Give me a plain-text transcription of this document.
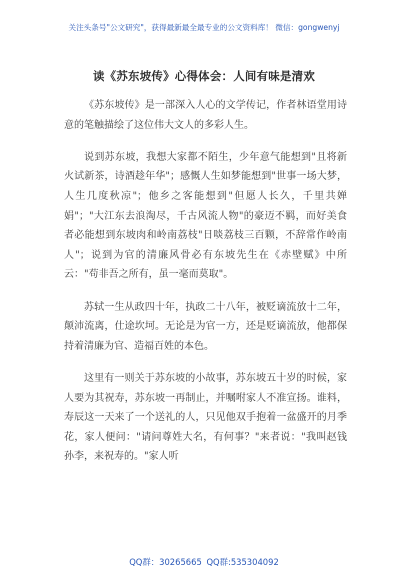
关注头条号"公文研究"，获得最新最全最专业的公文资料库！ 微信：gongwenyj
读《苏东坡传》心得体会：人间有味是清欢

《苏东坡传》是一部深入人心的文学传记，作者林语堂用诗意的笔触描绘了这位伟大文人的多彩人生。

说到苏东坡，我想大家都不陌生，少年意气能想到"且将新火试新茶，诗酒趁年华"；感慨人生如梦能想到"世事一场大梦，人生几度秋凉"；他乡之客能想到"但愿人长久，千里共婵娟"；"大江东去浪淘尽，千古风流人物"的豪迈不羁，而好美食者必能想到东坡肉和岭南荔枝"日啖荔枝三百颗，不辞常作岭南人"；说到为官的清廉风骨必有东坡先生在《赤壁赋》中所云："苟非吾之所有，虽一毫而莫取"。

苏轼一生从政四十年，执政二十八年，被贬谪流放十二年，颠沛流离，仕途坎坷。无论是为官一方，还是贬谪流放，他都保持着清廉为官、造福百姓的本色。

这里有一则关于苏东坡的小故事，苏东坡五十岁的时候，家人要为其祝寿，苏东坡一再制止，并嘱咐家人不准宣扬。谁料，寿辰这一天来了一个送礼的人，只见他双手抱着一盆盛开的月季花，家人便问："请问尊姓大名，有何事？"来者说："我叫赵钱孙李，来祝寿的。"家人听

QQ群：30265665 QQ群:535304092
